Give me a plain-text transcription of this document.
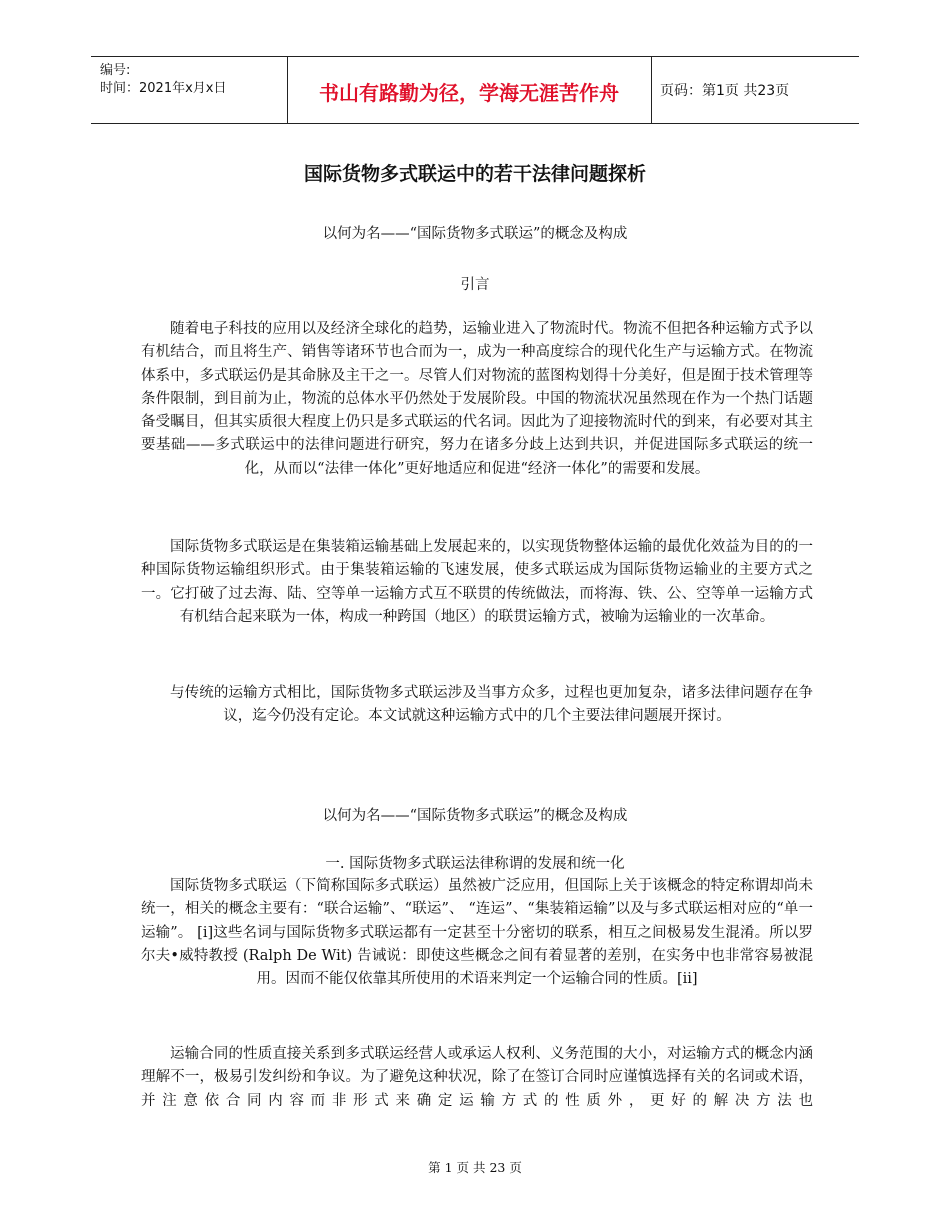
编号:
时间：2021年x月x日	书山有路勤为径，学海无涯苦作舟	页码：第1页 共23页
国际货物多式联运中的若干法律问题探析
以何为名——“国际货物多式联运”的概念及构成
引言

随着电子科技的应用以及经济全球化的趋势，运输业进入了物流时代。物流不但把各种运输方式予以有机结合，而且将生产、销售等诸环节也合而为一，成为一种高度综合的现代化生产与运输方式。在物流体系中，多式联运仍是其命脉及主干之一。尽管人们对物流的蓝图构划得十分美好，但是囿于技术管理等条件限制，到目前为止，物流的总体水平仍然处于发展阶段。中国的物流状况虽然现在作为一个热门话题备受瞩目，但其实质很大程度上仍只是多式联运的代名词。因此为了迎接物流时代的到来，有必要对其主要基础——多式联运中的法律问题进行研究，努力在诸多分歧上达到共识，并促进国际多式联运的统一化，从而以“法律一体化”更好地适应和促进“经济一体化”的需要和发展。

国际货物多式联运是在集装箱运输基础上发展起来的，以实现货物整体运输的最优化效益为目的的一种国际货物运输组织形式。由于集装箱运输的飞速发展，使多式联运成为国际货物运输业的主要方式之一。它打破了过去海、陆、空等单一运输方式互不联贯的传统做法，而将海、铁、公、空等单一运输方式有机结合起来联为一体，构成一种跨国（地区）的联贯运输方式，被喻为运输业的一次革命。

与传统的运输方式相比，国际货物多式联运涉及当事方众多，过程也更加复杂，诸多法律问题存在争议，迄今仍没有定论。本文试就这种运输方式中的几个主要法律问题展开探讨。

以何为名——“国际货物多式联运”的概念及构成
一. 国际货物多式联运法律称谓的发展和统一化

国际货物多式联运（下简称国际多式联运）虽然被广泛应用，但国际上关于该概念的特定称谓却尚未统一，相关的概念主要有：“联合运输”、“联运”、 “连运”、“集装箱运输”以及与多式联运相对应的“单一运输”。 [i]这些名词与国际货物多式联运都有一定甚至十分密切的联系，相互之间极易发生混淆。所以罗尔夫•威特教授 (Ralph De Wit) 告诫说：即使这些概念之间有着显著的差别，在实务中也非常容易被混用。因而不能仅依靠其所使用的术语来判定一个运输合同的性质。[ii]

运输合同的性质直接关系到多式联运经营人或承运人权利、义务范围的大小，对运输方式的概念内涵理解不一，极易引发纠纷和争议。为了避免这种状况，除了在签订合同时应谨慎选择有关的名词或术语，并注意依合同内容而非形式来确定运输方式的性质外，更好的解决方法也

第 1 页 共 23 页
